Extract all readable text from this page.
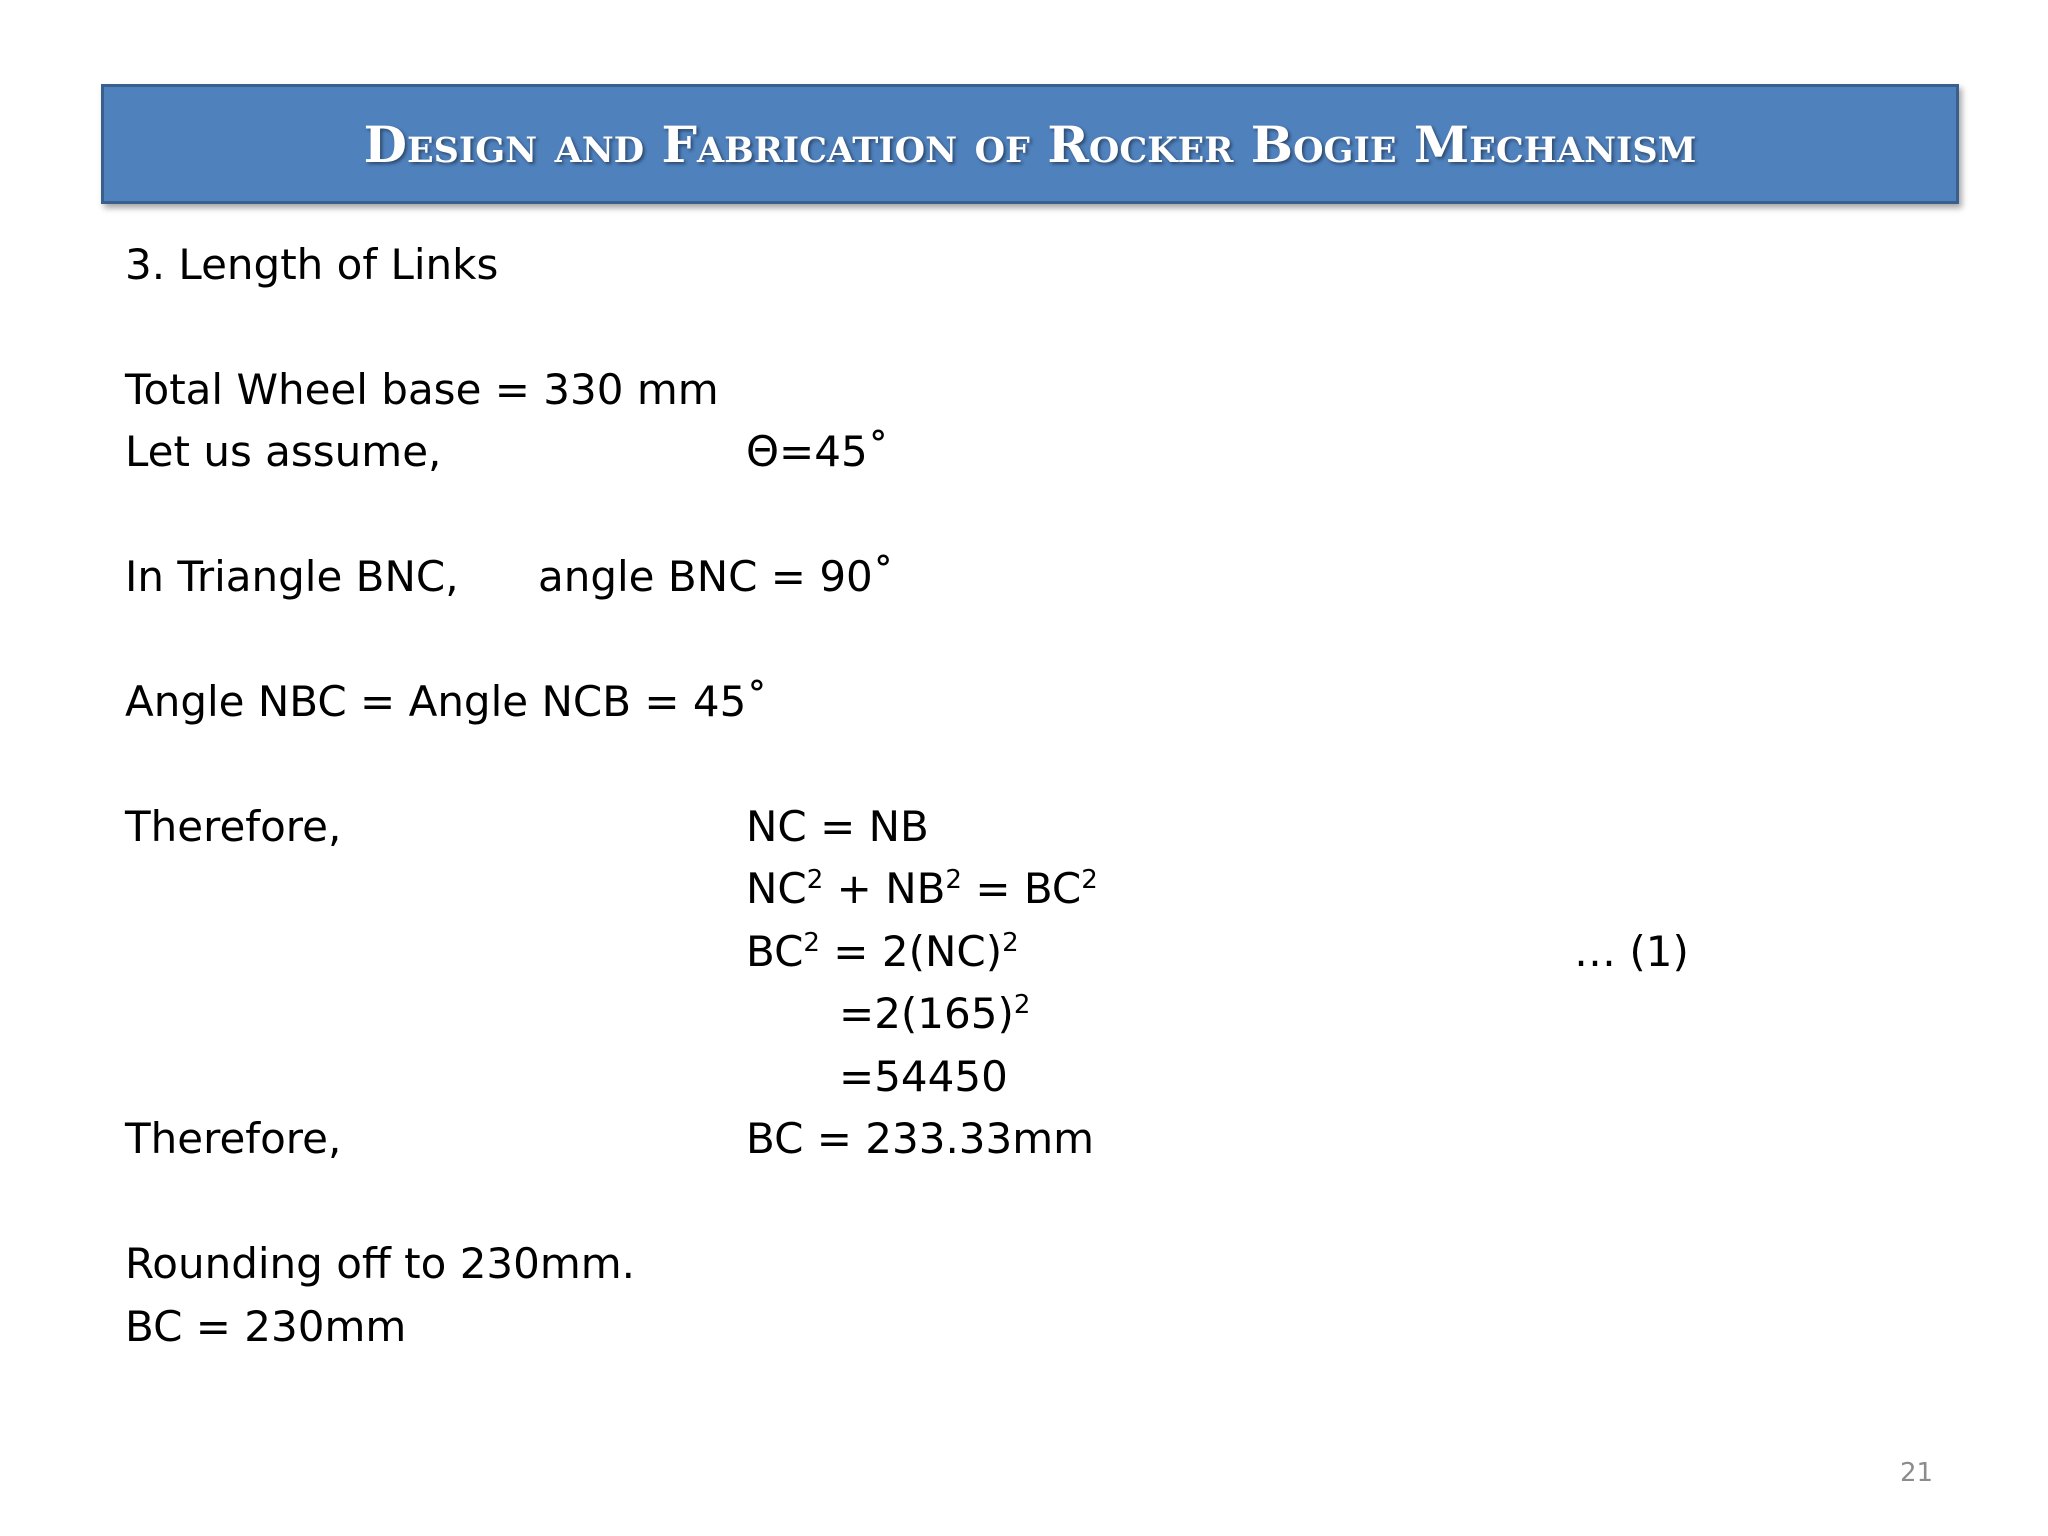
Design and Fabrication of Rocker Bogie Mechanism
3. Length of Links
Total Wheel base = 330 mm
Let us assume,	Θ=45˚
In Triangle BNC, angle BNC = 90˚
Angle NBC = Angle NCB = 45˚
Therefore,	NC = NB
$NC^2 + NB^2 = BC^2$
$BC^2 = 2(NC)^2$	… (1)
$=2(165)^2$
=54450
Therefore,	BC = 233.33mm
Rounding off to 230mm.
BC = 230mm
21
